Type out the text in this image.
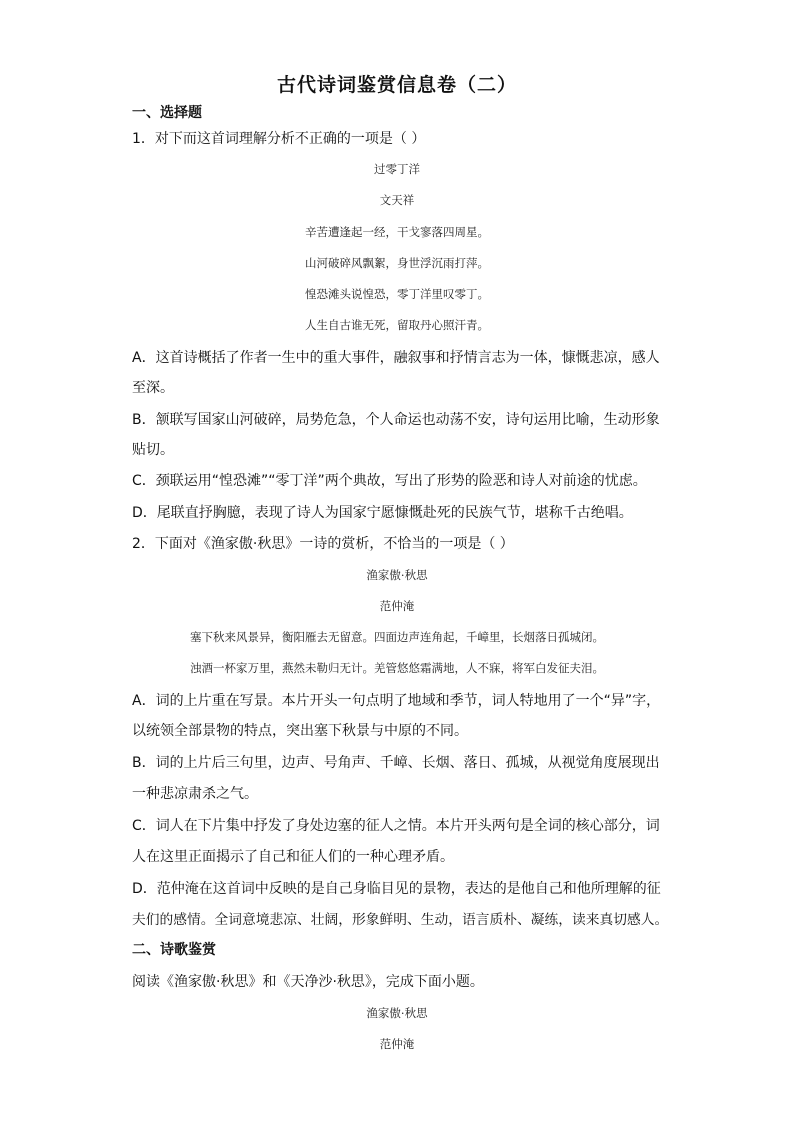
古代诗词鉴赏信息卷（二）
一、选择题
1．对下而这首词理解分析不正确的一项是（ ）
过零丁洋
文天祥
辛苦遭逢起一经，干戈寥落四周星。
山河破碎风飘絮，身世浮沉雨打萍。
惶恐滩头说惶恐，零丁洋里叹零丁。
人生自古谁无死，留取丹心照汗青。
A．这首诗概括了作者一生中的重大事件，融叙事和抒情言志为一体，慷慨悲凉，感人
至深。
B．颔联写国家山河破碎，局势危急，个人命运也动荡不安，诗句运用比喻，生动形象
贴切。
C．颈联运用“惶恐滩”“零丁洋”两个典故，写出了形势的险恶和诗人对前途的忧虑。
D．尾联直抒胸臆，表现了诗人为国家宁愿慷慨赴死的民族气节，堪称千古绝唱。
2．下面对《渔家傲·秋思》一诗的赏析，不恰当的一项是（ ）
渔家傲·秋思
范仲淹
塞下秋来风景异，衡阳雁去无留意。四面边声连角起，千嶂里，长烟落日孤城闭。
浊酒一杯家万里，燕然未勒归无计。羌管悠悠霜满地，人不寐，将军白发征夫泪。
A．词的上片重在写景。本片开头一句点明了地域和季节，词人特地用了一个“异”字，
以统领全部景物的特点，突出塞下秋景与中原的不同。
B．词的上片后三句里，边声、号角声、千嶂、长烟、落日、孤城，从视觉角度展现出
一种悲凉肃杀之气。
C．词人在下片集中抒发了身处边塞的征人之情。本片开头两句是全词的核心部分，词
人在这里正面揭示了自己和征人们的一种心理矛盾。
D．范仲淹在这首词中反映的是自己身临目见的景物，表达的是他自己和他所理解的征
夫们的感情。全词意境悲凉、壮阔，形象鲜明、生动，语言质朴、凝练，读来真切感人。
二、诗歌鉴赏
阅读《渔家傲·秋思》和《天净沙·秋思》，完成下面小题。
渔家傲·秋思
范仲淹
